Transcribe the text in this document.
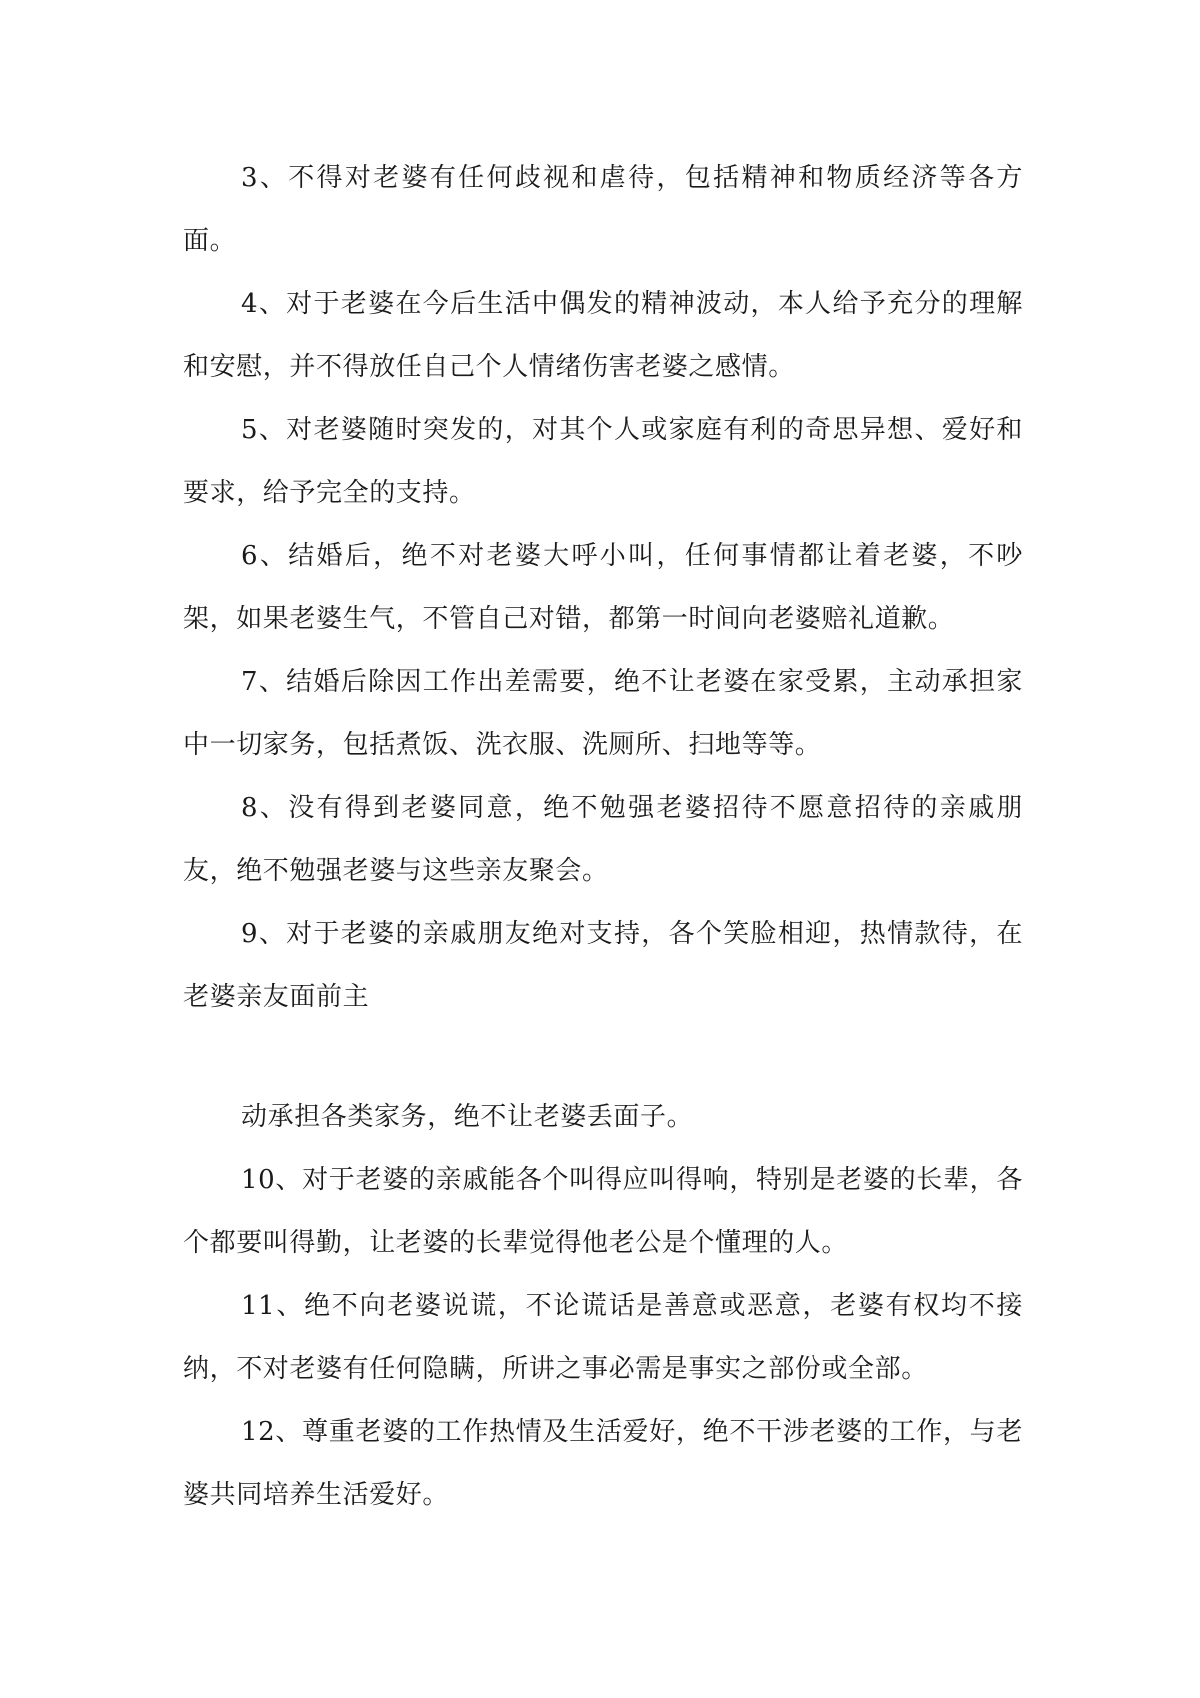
3、不得对老婆有任何歧视和虐待，包括精神和物质经济等各方面。

4、对于老婆在今后生活中偶发的精神波动，本人给予充分的理解和安慰，并不得放任自己个人情绪伤害老婆之感情。

5、对老婆随时突发的，对其个人或家庭有利的奇思异想、爱好和要求，给予完全的支持。

6、结婚后，绝不对老婆大呼小叫，任何事情都让着老婆，不吵架，如果老婆生气，不管自己对错，都第一时间向老婆赔礼道歉。

7、结婚后除因工作出差需要，绝不让老婆在家受累，主动承担家中一切家务，包括煮饭、洗衣服、洗厕所、扫地等等。

8、没有得到老婆同意，绝不勉强老婆招待不愿意招待的亲戚朋友，绝不勉强老婆与这些亲友聚会。

9、对于老婆的亲戚朋友绝对支持，各个笑脸相迎，热情款待，在老婆亲友面前主

动承担各类家务，绝不让老婆丢面子。

10、对于老婆的亲戚能各个叫得应叫得响，特别是老婆的长辈，各个都要叫得勤，让老婆的长辈觉得他老公是个懂理的人。

11、绝不向老婆说谎，不论谎话是善意或恶意，老婆有权均不接纳，不对老婆有任何隐瞒，所讲之事必需是事实之部份或全部。

12、尊重老婆的工作热情及生活爱好，绝不干涉老婆的工作，与老婆共同培养生活爱好。
